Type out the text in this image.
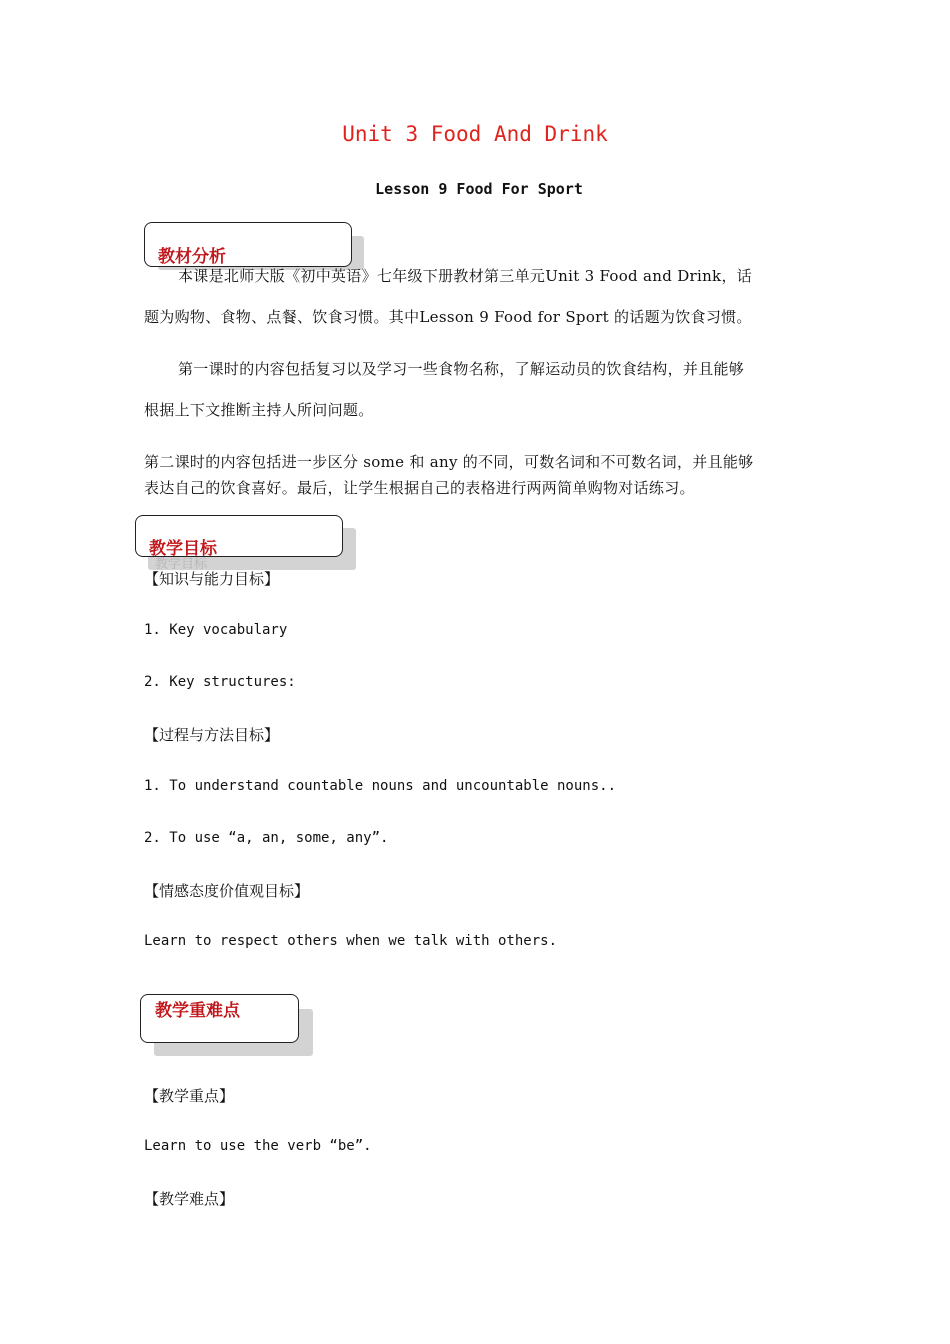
Unit 3 Food And Drink
Lesson 9 Food For Sport
教材分析
本课是北师大版《初中英语》七年级下册教材第三单元Unit 3 Food and Drink，话
题为购物、食物、点餐、饮食习惯。其中Lesson 9 Food for Sport 的话题为饮食习惯。
第一课时的内容包括复习以及学习一些食物名称，了解运动员的饮食结构，并且能够
根据上下文推断主持人所问问题。
第二课时的内容包括进一步区分 some 和 any 的不同，可数名词和不可数名词，并且能够
表达自己的饮食喜好。最后，让学生根据自己的表格进行两两简单购物对话练习。
教学目标
教学目标
【知识与能力目标】
1. Key vocabulary
2. Key structures:
【过程与方法目标】
1. To understand countable nouns and uncountable nouns..
2. To use “a, an, some, any”.
【情感态度价值观目标】
Learn to respect others when we talk with others.
教学重难点
【教学重点】
Learn to use the verb “be”.
【教学难点】
